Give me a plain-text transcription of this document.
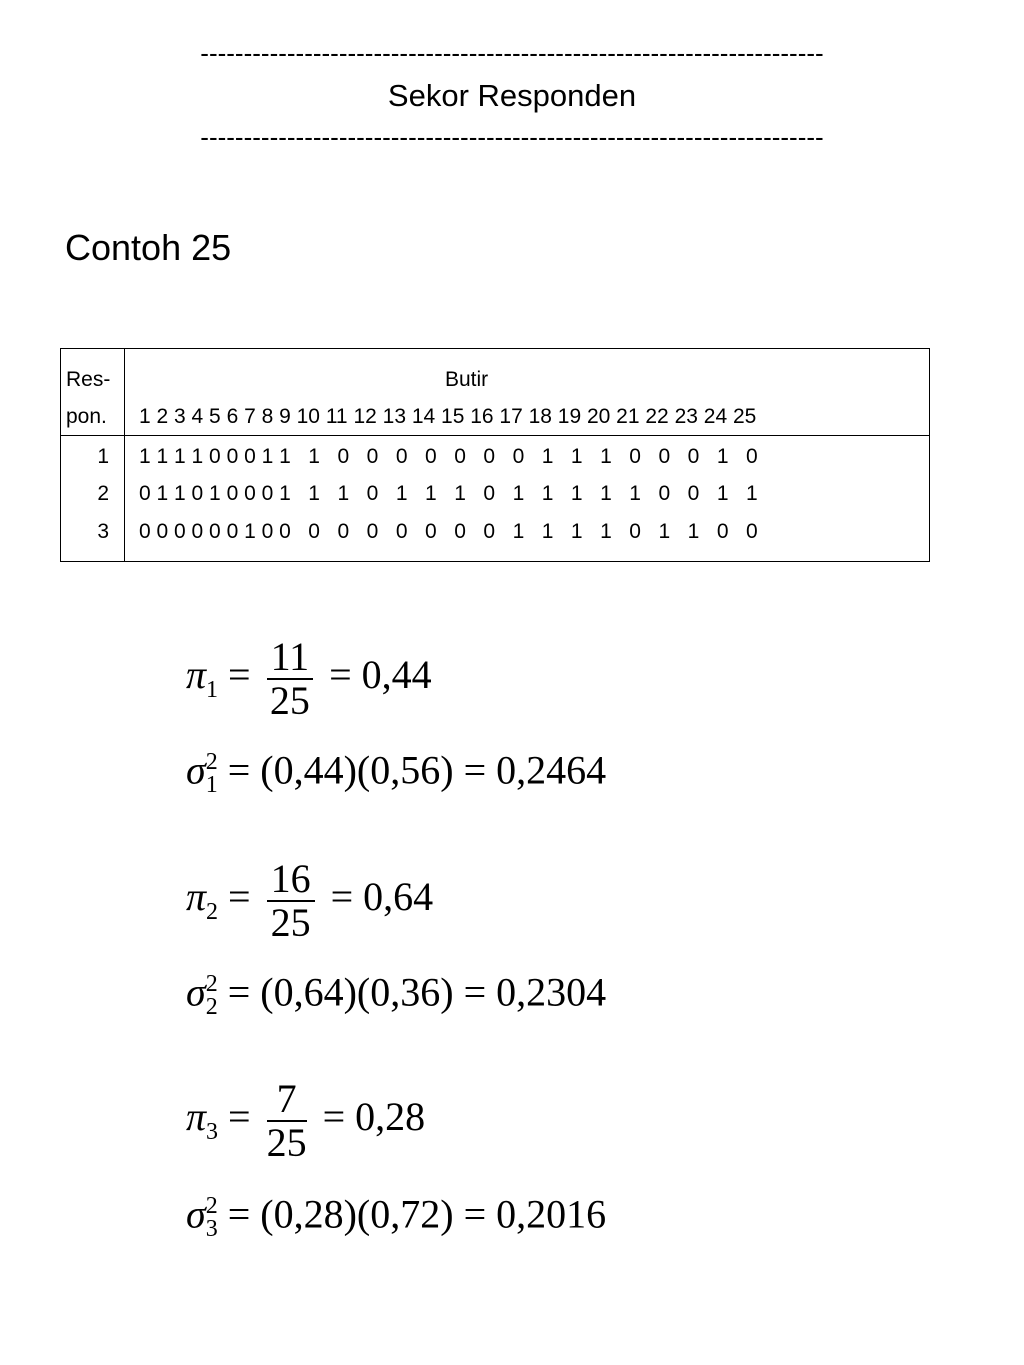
------------------------------------------------------------------------
Sekor Responden
------------------------------------------------------------------------
Contoh 25
Res-
pon.
Butir
1 2 3 4 5 6 7 8 9 10 11 12 13 14 15 16 17 18 19 20 21 22 23 24 25
1 1 1 1 1 0 0 0 1 1   1   0   0   0   0   0   0   0   1   1   1   0   0   0   1   0
2 0 1 1 0 1 0 0 0 1   1   1   0   1   1   1   0   1   1   1   1   1   0   0   1   1
3 0 0 0 0 0 0 1 0 0   0   0   0   0   0   0   0   1   1   1   1   0   1   1   0   0
$\pi_1 = \frac{11}{25} = 0,44$
$\sigma^2_1 = (0,44)(0,56) = 0,2464$
$\pi_2 = \frac{16}{25} = 0,64$
$\sigma^2_2 = (0,64)(0,36) = 0,2304$
$\pi_3 = \frac{7}{25} = 0,28$
$\sigma^2_3 = (0,28)(0,72) = 0,2016$
